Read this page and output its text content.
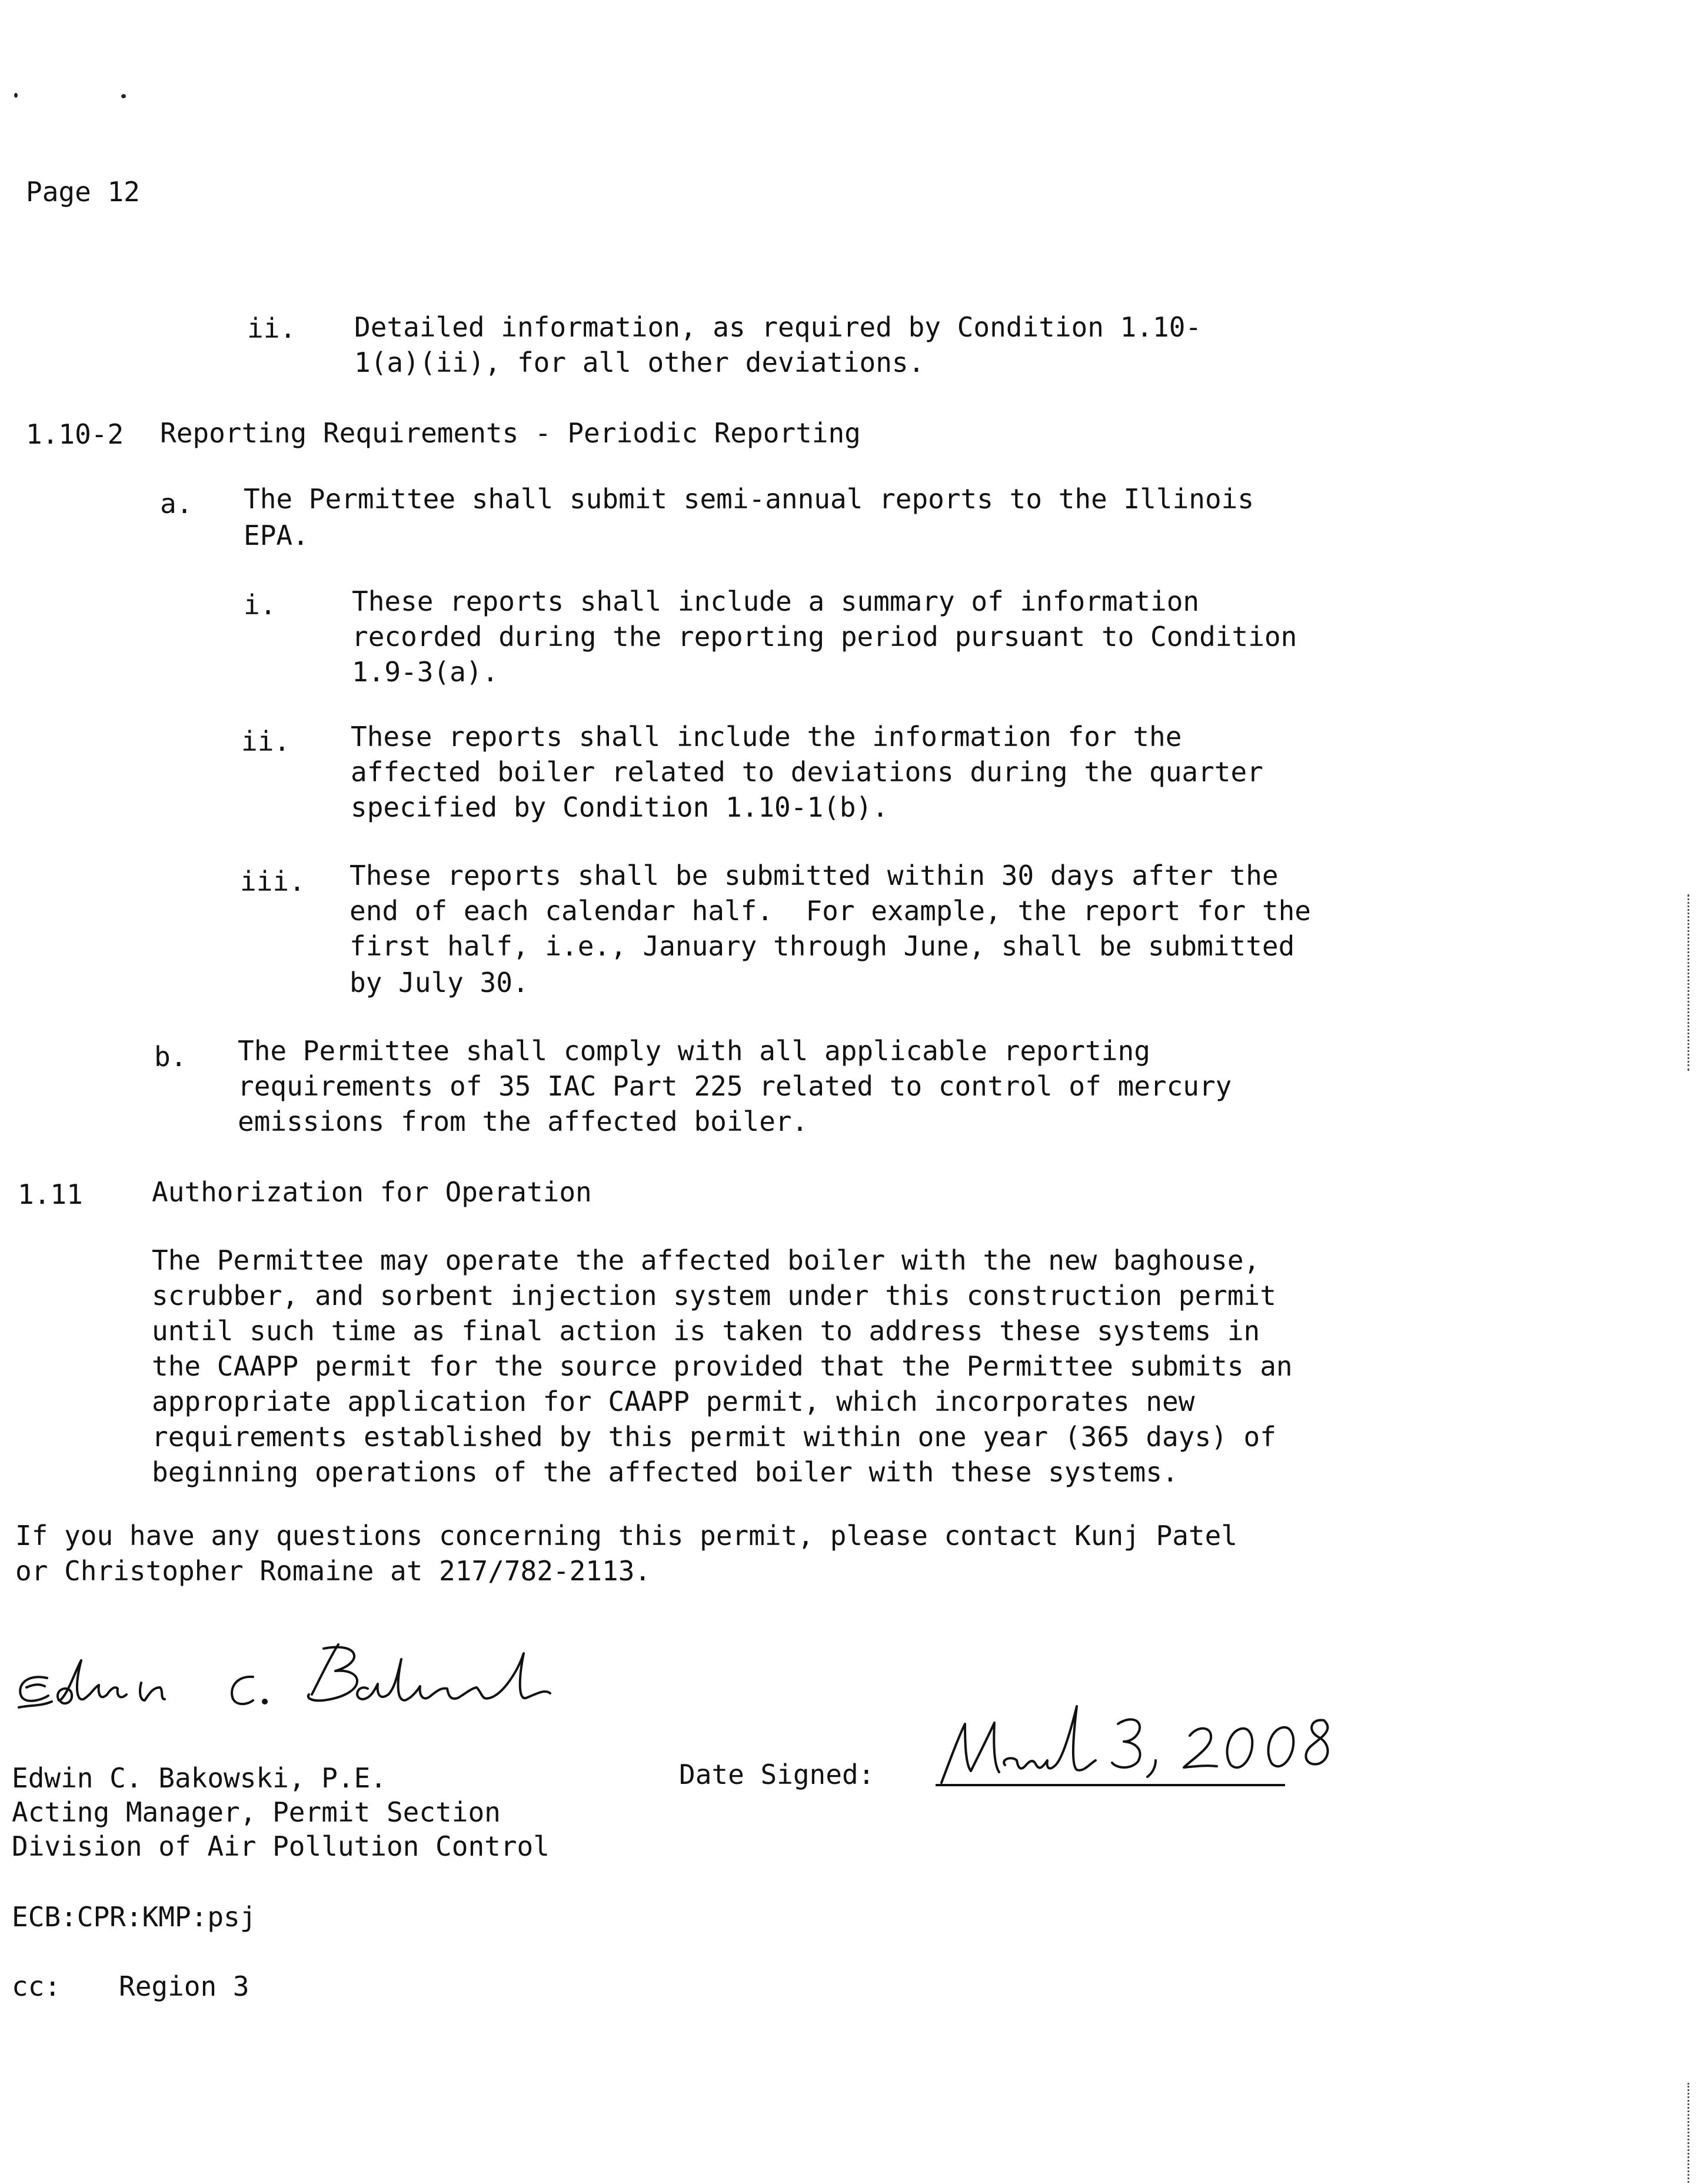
Page 12
ii. Detailed information, as required by Condition 1.10-
1(a)(ii), for all other deviations.
1.10-2 Reporting Requirements - Periodic Reporting
a. The Permittee shall submit semi-annual reports to the Illinois
EPA.
i.	These reports shall include a summary of information
recorded during the reporting period pursuant to Condition
1.9-3(a).
ii. These reports shall include the information for the
affected boiler related to deviations during the quarter
specified by Condition 1.10-1(b).
iii. These reports shall be submitted within 30 days after the
end of each calendar half.  For example, the report for the
first half, i.e., January through June, shall be submitted
by July 30.
b. The Permittee shall comply with all applicable reporting
requirements of 35 IAC Part 225 related to control of mercury
emissions from the affected boiler.
1.11	Authorization for Operation
The Permittee may operate the affected boiler with the new baghouse,
scrubber, and sorbent injection system under this construction permit
until such time as final action is taken to address these systems in
the CAAPP permit for the source provided that the Permittee submits an
appropriate application for CAAPP permit, which incorporates new
requirements established by this permit within one year (365 days) of
beginning operations of the affected boiler with these systems.
If you have any questions concerning this permit, please contact Kunj Patel
or Christopher Romaine at 217/782-2113.
Edwin C. Bakowski, P.E.
Acting Manager, Permit Section
Division of Air Pollution Control
Date Signed:
ECB:CPR:KMP:psj
cc: Region 3
